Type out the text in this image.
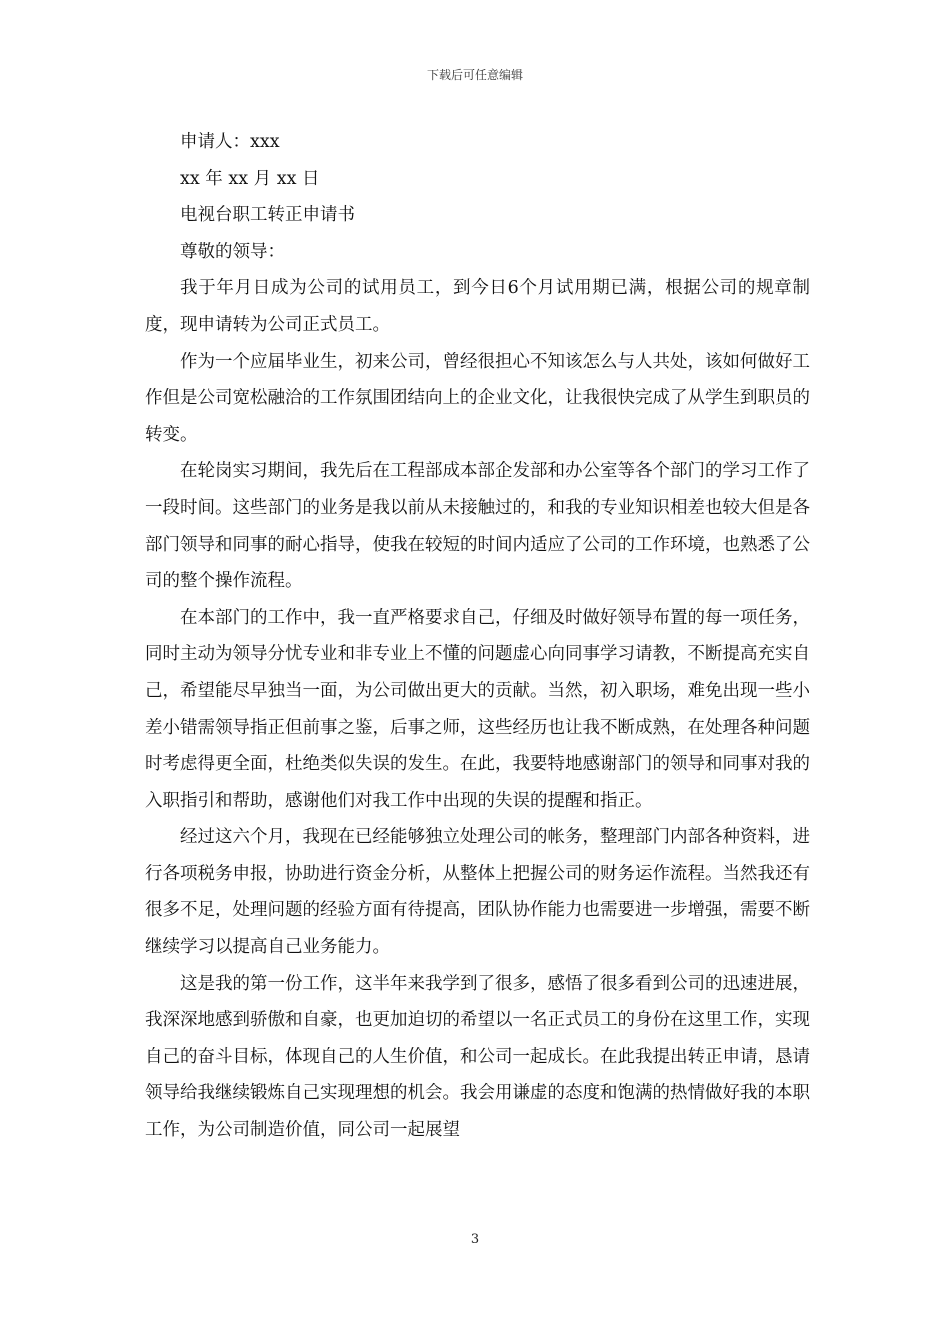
下载后可任意编辑

申请人：xxx

xx 年 xx 月 xx 日

电视台职工转正申请书

尊敬的领导：

我于年月日成为公司的试用员工，到今日6个月试用期已满，根据公司的规章制度，现申请转为公司正式员工。

作为一个应届毕业生，初来公司，曾经很担心不知该怎么与人共处，该如何做好工作但是公司宽松融洽的工作氛围团结向上的企业文化，让我很快完成了从学生到职员的转变。

在轮岗实习期间，我先后在工程部成本部企发部和办公室等各个部门的学习工作了一段时间。这些部门的业务是我以前从未接触过的，和我的专业知识相差也较大但是各部门领导和同事的耐心指导，使我在较短的时间内适应了公司的工作环境，也熟悉了公司的整个操作流程。

在本部门的工作中，我一直严格要求自己，仔细及时做好领导布置的每一项任务，同时主动为领导分忧专业和非专业上不懂的问题虚心向同事学习请教，不断提高充实自己，希望能尽早独当一面，为公司做出更大的贡献。当然，初入职场，难免出现一些小差小错需领导指正但前事之鉴，后事之师，这些经历也让我不断成熟，在处理各种问题时考虑得更全面，杜绝类似失误的发生。在此，我要特地感谢部门的领导和同事对我的入职指引和帮助，感谢他们对我工作中出现的失误的提醒和指正。

经过这六个月，我现在已经能够独立处理公司的帐务，整理部门内部各种资料，进行各项税务申报，协助进行资金分析，从整体上把握公司的财务运作流程。当然我还有很多不足，处理问题的经验方面有待提高，团队协作能力也需要进一步增强，需要不断继续学习以提高自己业务能力。

这是我的第一份工作，这半年来我学到了很多，感悟了很多看到公司的迅速进展，我深深地感到骄傲和自豪，也更加迫切的希望以一名正式员工的身份在这里工作，实现自己的奋斗目标，体现自己的人生价值，和公司一起成长。在此我提出转正申请，恳请领导给我继续锻炼自己实现理想的机会。我会用谦虚的态度和饱满的热情做好我的本职工作，为公司制造价值，同公司一起展望

3
